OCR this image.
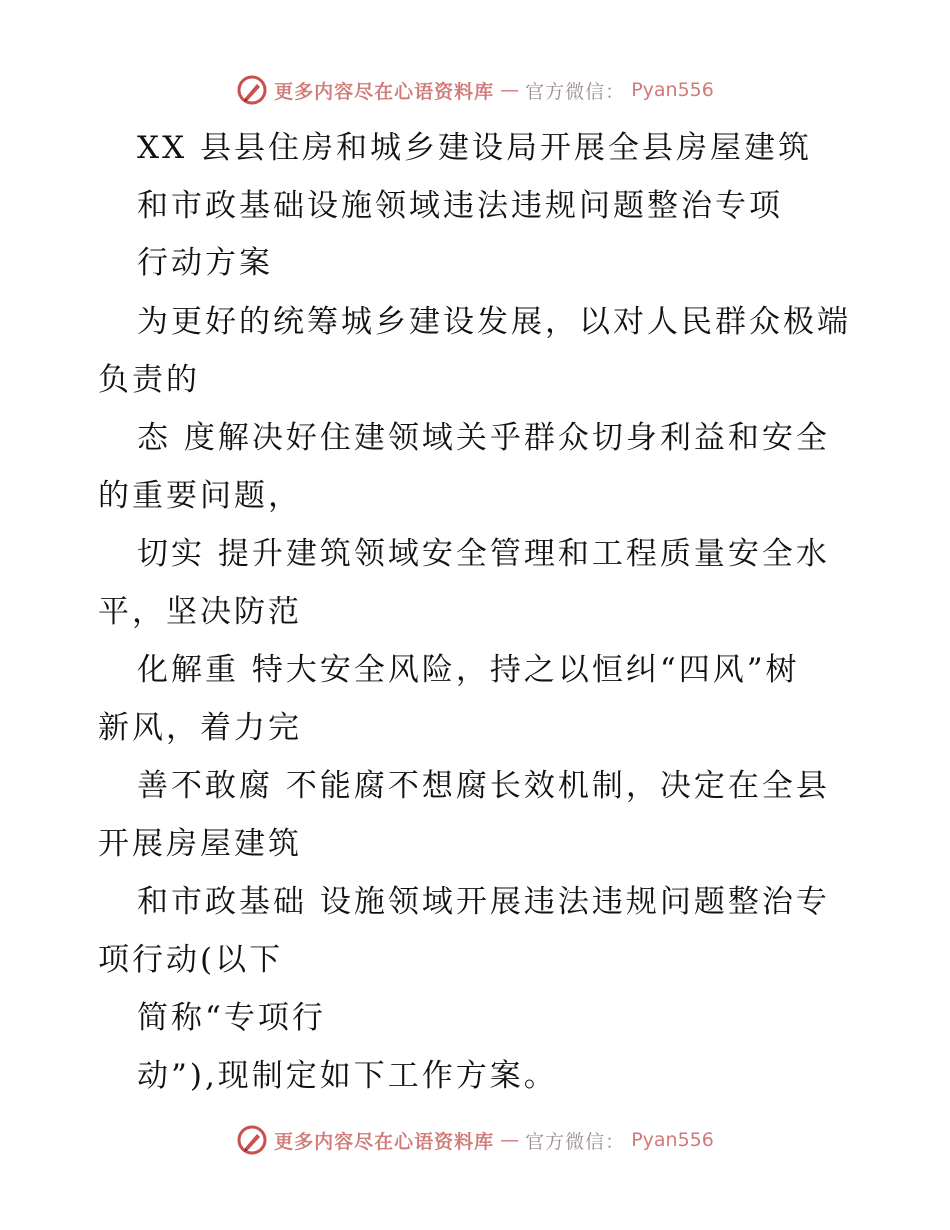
更多内容尽在心语资料库 — 官方微信： Pyan556
XX 县县住房和城乡建设局开展全县房屋建筑
和市政基础设施领域违法违规问题整治专项
行动方案
为更好的统筹城乡建设发展，以对人民群众极端
负责的
态 度解决好住建领域关乎群众切身利益和安全
的重要问题，
切实 提升建筑领域安全管理和工程质量安全水
平，坚决防范
化解重 特大安全风险，持之以恒纠“四风”树
新风，着力完
善不敢腐 不能腐不想腐长效机制，决定在全县
开展房屋建筑
和市政基础 设施领域开展违法违规问题整治专
项行动(以下
简称“专项行
动”),现制定如下工作方案。
更多内容尽在心语资料库 — 官方微信： Pyan556
